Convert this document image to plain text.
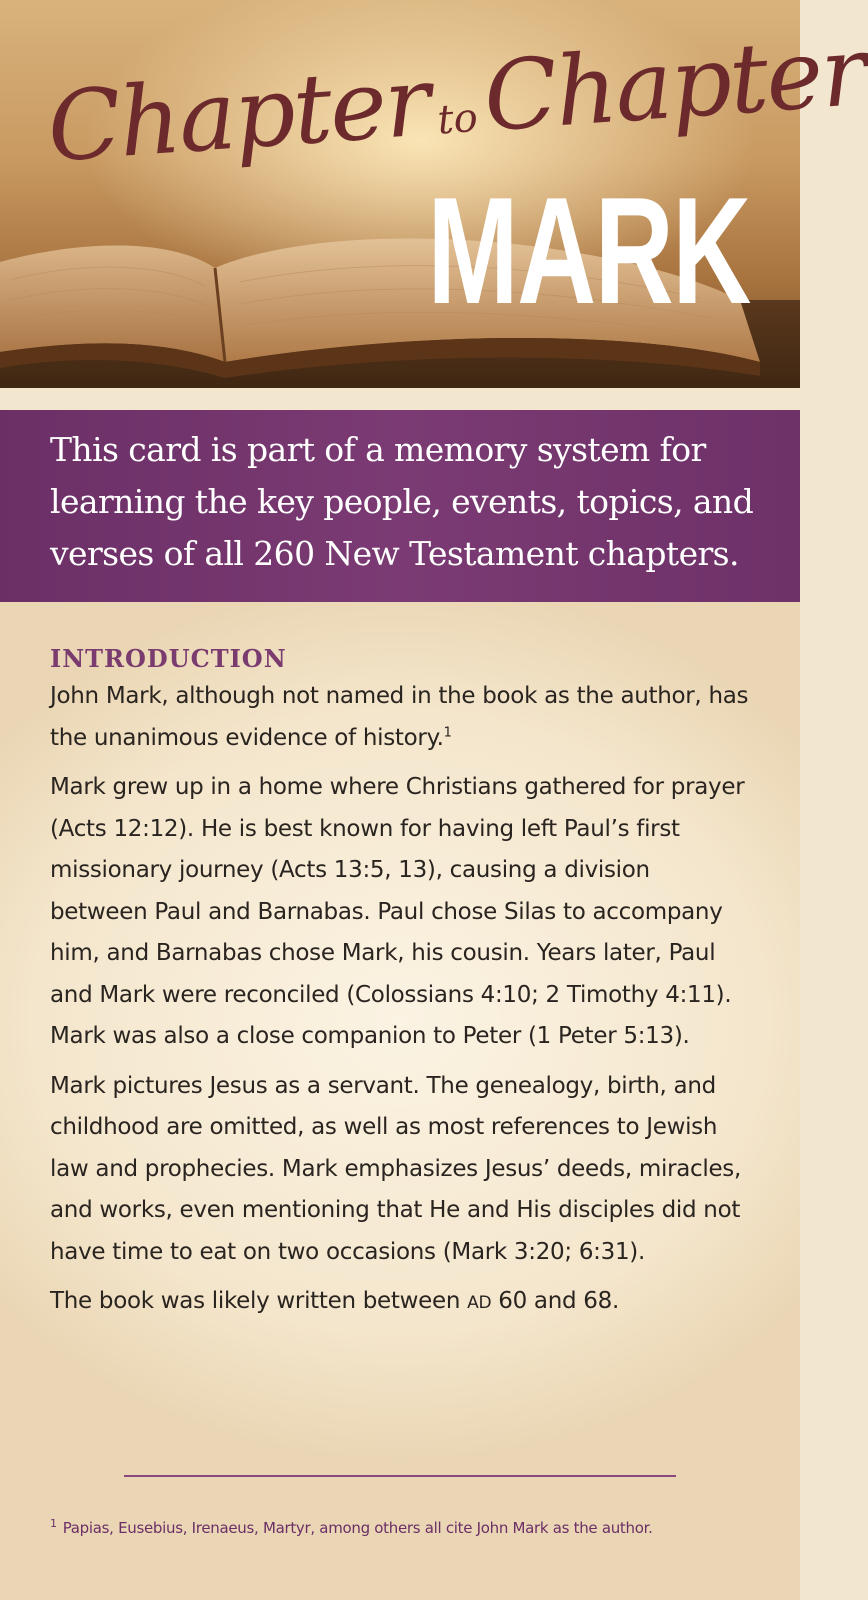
ChaptertoChapter
MARK

This card is part of a memory system for learning the key people, events, topics, and verses of all 260 New Testament chapters.

INTRODUCTION

John Mark, although not named in the book as the author, has the unanimous evidence of history.$^1$

Mark grew up in a home where Christians gathered for prayer (Acts 12:12). He is best known for having left Paul’s first missionary journey (Acts 13:5, 13), causing a division between Paul and Barnabas. Paul chose Silas to accompany him, and Barnabas chose Mark, his cousin. Years later, Paul and Mark were reconciled (Colossians 4:10; 2 Timothy 4:11). Mark was also a close companion to Peter (1 Peter 5:13).

Mark pictures Jesus as a servant. The genealogy, birth, and childhood are omitted, as well as most references to Jewish law and prophecies. Mark emphasizes Jesus’ deeds, miracles, and works, even mentioning that He and His disciples did not have time to eat on two occasions (Mark 3:20; 6:31).

The book was likely written between AD 60 and 68.

$^1$ Papias, Eusebius, Irenaeus, Martyr, among others all cite John Mark as the author.
